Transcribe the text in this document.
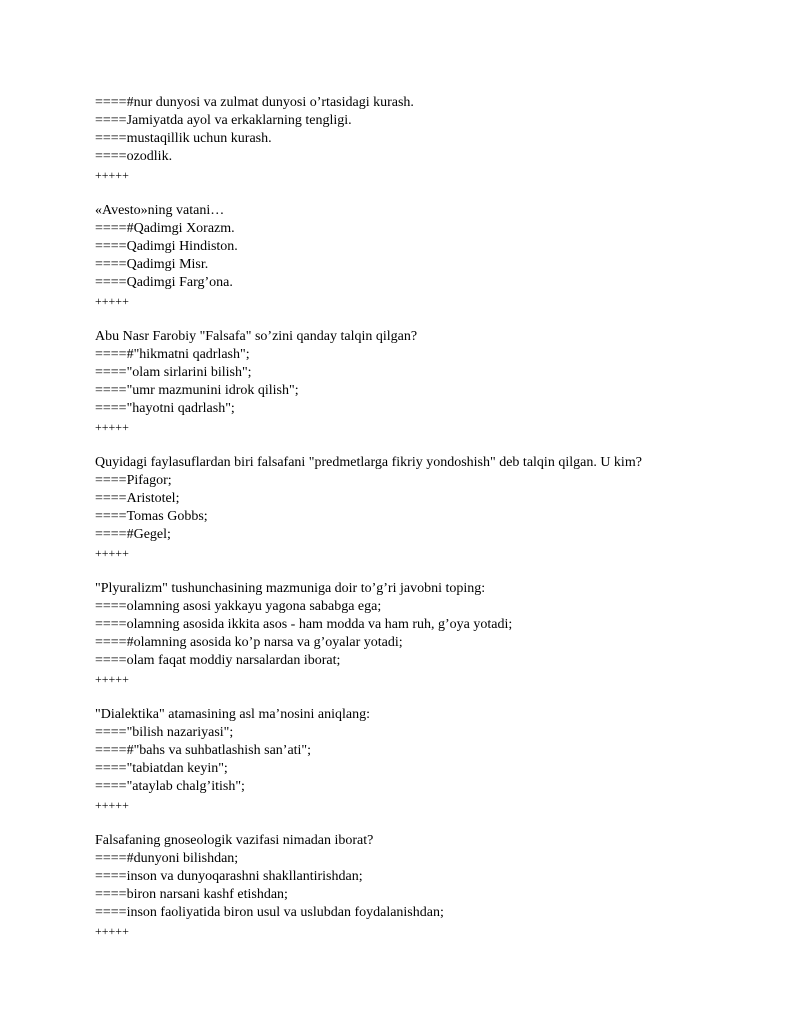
====#nur dunyosi va zulmat dunyosi o’rtasidagi kurash.
====Jamiyatda ayol va erkaklarning tengligi.
====mustaqillik uchun kurash.
====ozodlik.
+++++
«Avesto»ning vatani…
====#Qadimgi Xorazm.
====Qadimgi Hindiston.
====Qadimgi Misr.
====Qadimgi Farg’ona.
+++++
Abu Nasr Farobiy "Falsafa" so’zini qanday talqin qilgan?
====#"hikmatni qadrlash";
===="olam sirlarini bilish";
===="umr mazmunini idrok qilish";
===="hayotni qadrlash";
+++++
Quyidagi faylasuflardan biri falsafani "predmetlarga fikriy yondoshish" deb talqin qilgan. U kim?
====Pifagor;
====Aristotel;
====Tomas Gobbs;
====#Gegel;
+++++
"Plyuralizm" tushunchasining mazmuniga doir to’g’ri javobni toping:
====olamning asosi yakkayu yagona sababga ega;
====olamning asosida ikkita asos - ham modda va ham ruh, g’oya yotadi;
====#olamning asosida ko’p narsa va g’oyalar yotadi;
====olam faqat moddiy narsalardan iborat;
+++++
"Dialektika" atamasining asl ma’nosini aniqlang:
===="bilish nazariyasi";
====#"bahs va suhbatlashish san’ati";
===="tabiatdan keyin";
===="ataylab chalg’itish";
+++++
Falsafaning gnoseologik vazifasi nimadan iborat?
====#dunyoni bilishdan;
====inson va dunyoqarashni shakllantirishdan;
====biron narsani kashf etishdan;
====inson faoliyatida biron usul va uslubdan foydalanishdan;
+++++
